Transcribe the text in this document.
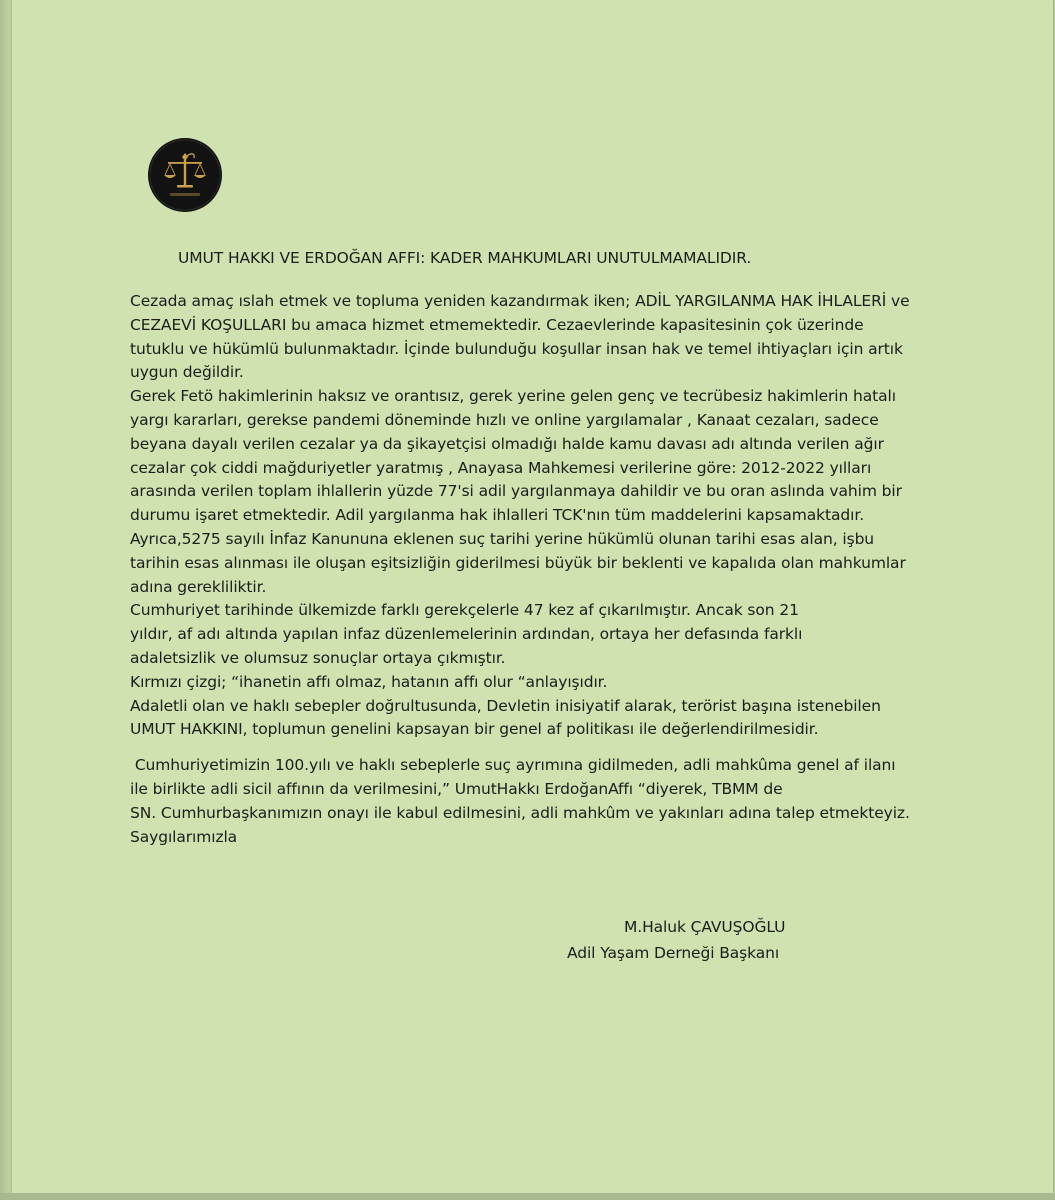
UMUT HAKKI VE ERDOĞAN AFFI: KADER MAHKUMLARI UNUTULMAMALIDIR.
Cezada amaç ıslah etmek ve topluma yeniden kazandırmak iken; ADİL YARGILANMA HAK İHLALERİ ve
CEZAEVİ KOŞULLARI bu amaca hizmet etmemektedir. Cezaevlerinde kapasitesinin çok üzerinde
tutuklu ve hükümlü bulunmaktadır. İçinde bulunduğu koşullar insan hak ve temel ihtiyaçları için artık
uygun değildir.
Gerek Fetö hakimlerinin haksız ve orantısız, gerek yerine gelen genç ve tecrübesiz hakimlerin hatalı
yargı kararları, gerekse pandemi döneminde hızlı ve online yargılamalar , Kanaat cezaları, sadece
beyana dayalı verilen cezalar ya da şikayetçisi olmadığı halde kamu davası adı altında verilen ağır
cezalar çok ciddi mağduriyetler yaratmış , Anayasa Mahkemesi verilerine göre: 2012-2022 yılları
arasında verilen toplam ihlallerin yüzde 77'si adil yargılanmaya dahildir ve bu oran aslında vahim bir
durumu işaret etmektedir. Adil yargılanma hak ihlalleri TCK'nın tüm maddelerini kapsamaktadır.
Ayrıca,5275 sayılı İnfaz Kanununa eklenen suç tarihi yerine hükümlü olunan tarihi esas alan, işbu
tarihin esas alınması ile oluşan eşitsizliğin giderilmesi büyük bir beklenti ve kapalıda olan mahkumlar
adına gerekliliktir.
Cumhuriyet tarihinde ülkemizde farklı gerekçelerle 47 kez af çıkarılmıştır. Ancak son 21
yıldır, af adı altında yapılan infaz düzenlemelerinin ardından, ortaya her defasında farklı
adaletsizlik ve olumsuz sonuçlar ortaya çıkmıştır.
Kırmızı çizgi; “ihanetin affı olmaz, hatanın affı olur “anlayışıdır.
Adaletli olan ve haklı sebepler doğrultusunda, Devletin inisiyatif alarak, terörist başına istenebilen
UMUT HAKKINI, toplumun genelini kapsayan bir genel af politikası ile değerlendirilmesidir.
Cumhuriyetimizin 100.yılı ve haklı sebeplerle suç ayrımına gidilmeden, adli mahkûma genel af ilanı
ile birlikte adli sicil affının da verilmesini,” UmutHakkı ErdoğanAffı “diyerek, TBMM de
SN. Cumhurbaşkanımızın onayı ile kabul edilmesini, adli mahkûm ve yakınları adına talep etmekteyiz.
Saygılarımızla
M.Haluk ÇAVUŞOĞLU
Adil Yaşam Derneği Başkanı
